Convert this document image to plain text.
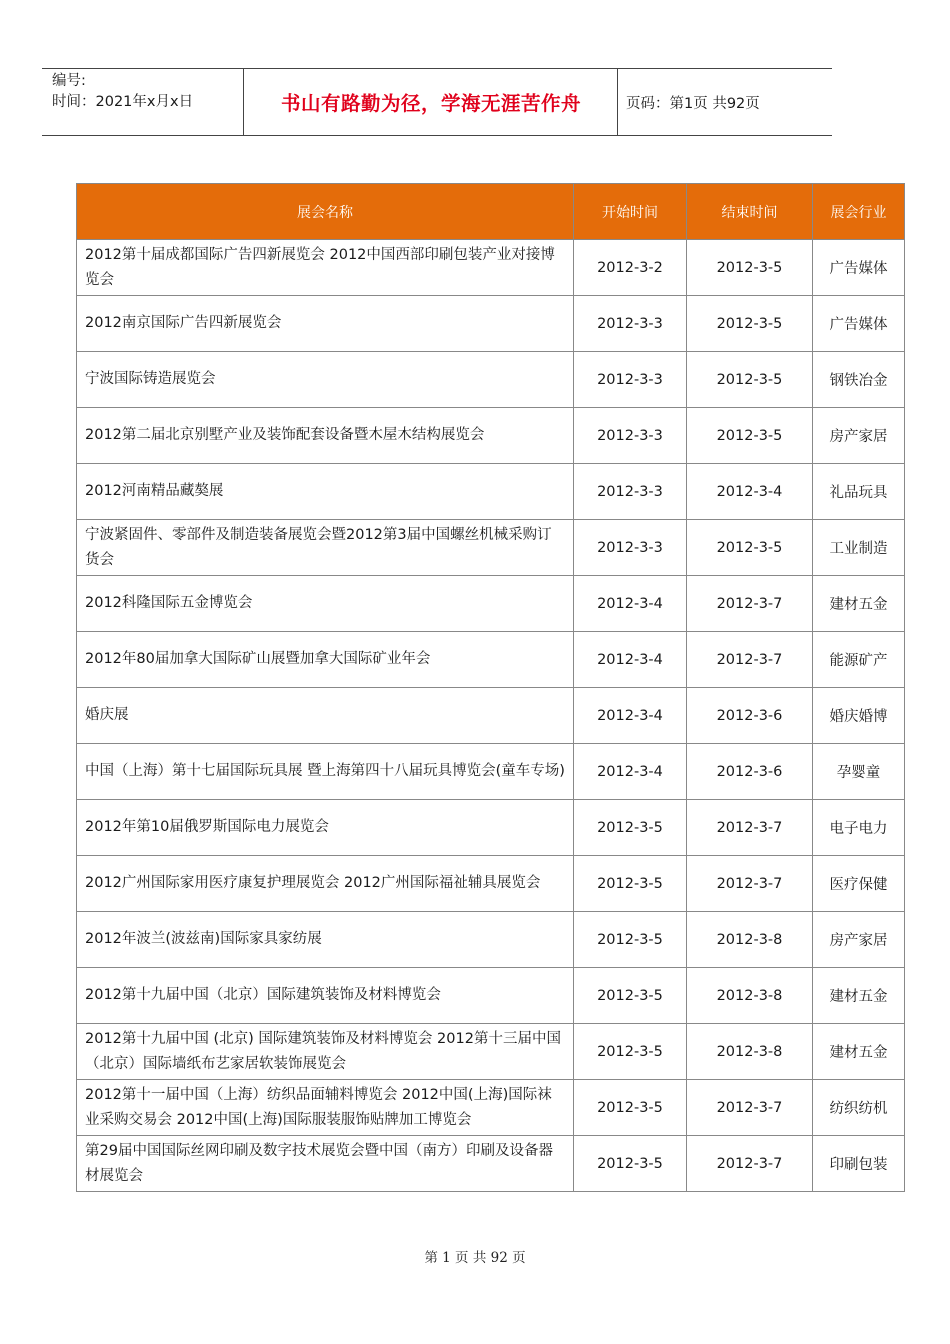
编号:
时间：2021年x月x日	书山有路勤为径，学海无涯苦作舟	页码：第1页 共92页
展会名称	开始时间	结束时间	展会行业
2012第十届成都国际广告四新展览会 2012中国西部印刷包装产业对接博览会	2012-3-2	2012-3-5	广告媒体
2012南京国际广告四新展览会	2012-3-3	2012-3-5	广告媒体
宁波国际铸造展览会	2012-3-3	2012-3-5	钢铁冶金
2012第二届北京别墅产业及装饰配套设备暨木屋木结构展览会	2012-3-3	2012-3-5	房产家居
2012河南精品藏獒展	2012-3-3	2012-3-4	礼品玩具
宁波紧固件、零部件及制造装备展览会暨2012第3届中国螺丝机械采购订货会	2012-3-3	2012-3-5	工业制造
2012科隆国际五金博览会	2012-3-4	2012-3-7	建材五金
2012年80届加拿大国际矿山展暨加拿大国际矿业年会	2012-3-4	2012-3-7	能源矿产
婚庆展	2012-3-4	2012-3-6	婚庆婚博
中国（上海）第十七届国际玩具展 暨上海第四十八届玩具博览会(童车专场)	2012-3-4	2012-3-6	孕婴童
2012年第10届俄罗斯国际电力展览会	2012-3-5	2012-3-7	电子电力
2012广州国际家用医疗康复护理展览会 2012广州国际福祉辅具展览会	2012-3-5	2012-3-7	医疗保健
2012年波兰(波兹南)国际家具家纺展	2012-3-5	2012-3-8	房产家居
2012第十九届中国（北京）国际建筑装饰及材料博览会	2012-3-5	2012-3-8	建材五金
2012第十九届中国 (北京) 国际建筑装饰及材料博览会 2012第十三届中国（北京）国际墙纸布艺家居软装饰展览会	2012-3-5	2012-3-8	建材五金
2012第十一届中国（上海）纺织品面辅料博览会 2012中国(上海)国际袜业采购交易会 2012中国(上海)国际服装服饰贴牌加工博览会	2012-3-5	2012-3-7	纺织纺机
第29届中国国际丝网印刷及数字技术展览会暨中国（南方）印刷及设备器材展览会	2012-3-5	2012-3-7	印刷包装
第 1 页 共 92 页
